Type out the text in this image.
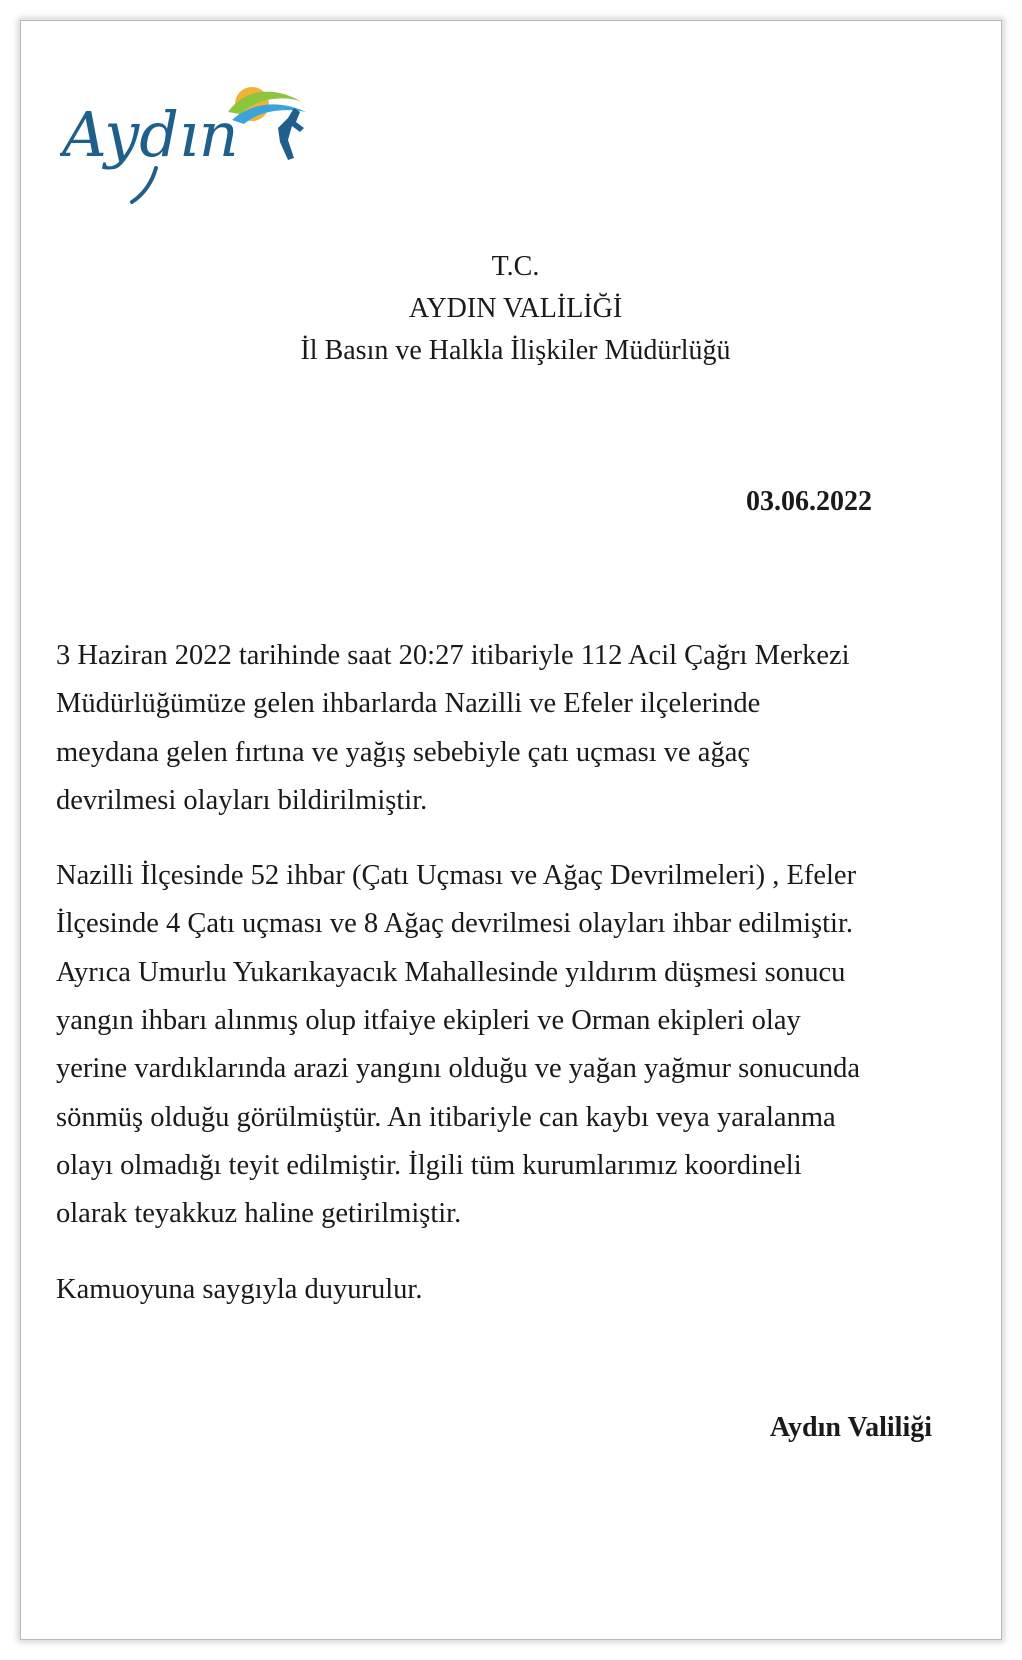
Aydın
T.C.
AYDIN VALİLİĞİ
İl Basın ve Halkla İlişkiler Müdürlüğü
03.06.2022

3 Haziran 2022 tarihinde saat 20:27 itibariyle 112 Acil Çağrı Merkezi
Müdürlüğümüze gelen ihbarlarda Nazilli ve Efeler ilçelerinde
meydana gelen fırtına ve yağış sebebiyle çatı uçması ve ağaç
devrilmesi olayları bildirilmiştir.

Nazilli İlçesinde 52 ihbar (Çatı Uçması ve Ağaç Devrilmeleri) , Efeler
İlçesinde 4 Çatı uçması ve 8 Ağaç devrilmesi olayları ihbar edilmiştir.
Ayrıca Umurlu Yukarıkayacık Mahallesinde yıldırım düşmesi sonucu
yangın ihbarı alınmış olup itfaiye ekipleri ve Orman ekipleri olay
yerine vardıklarında arazi yangını olduğu ve yağan yağmur sonucunda
sönmüş olduğu görülmüştür. An itibariyle can kaybı veya yaralanma
olayı olmadığı teyit edilmiştir. İlgili tüm kurumlarımız koordineli
olarak teyakkuz haline getirilmiştir.

Kamuoyuna saygıyla duyurulur.

Aydın Valiliği
